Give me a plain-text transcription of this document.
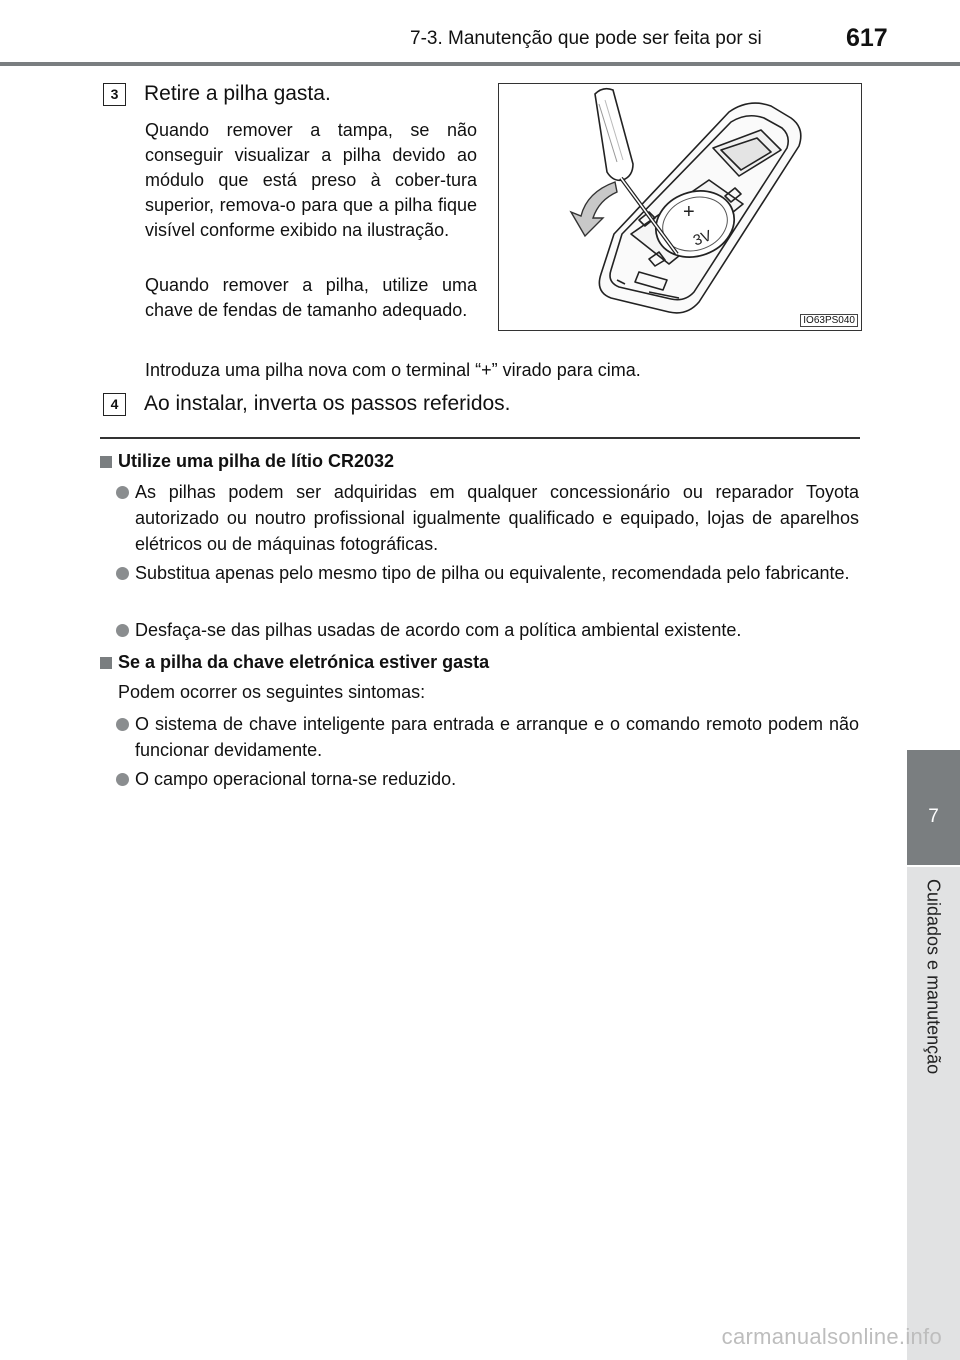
7-3. Manutenção que pode ser feita por si	617
7
Cuidados e manutenção
3	Retire a pilha gasta.
Quando remover a tampa, se não conseguir visualizar a pilha devido ao módulo que está preso à cober-tura superior, remova-o para que a pilha fique visível conforme exibido na ilustração.
Quando remover a pilha, utilize uma chave de fendas de tamanho adequado.
Introduza uma pilha nova com o terminal “+” virado para cima.
+
3V
IO63PS040
4	Ao instalar, inverta os passos referidos.
Utilize uma pilha de lítio CR2032
As pilhas podem ser adquiridas em qualquer concessionário ou reparador Toyota autorizado ou noutro profissional igualmente qualificado e equipado, lojas de aparelhos elétricos ou de máquinas fotográficas.
Substitua apenas pelo mesmo tipo de pilha ou equivalente, recomendada pelo fabricante.
Desfaça-se das pilhas usadas de acordo com a política ambiental existente.
Se a pilha da chave eletrónica estiver gasta
Podem ocorrer os seguintes sintomas:
O sistema de chave inteligente para entrada e arranque e o comando remoto podem não funcionar devidamente.
O campo operacional torna-se reduzido.
carmanualsonline.info
